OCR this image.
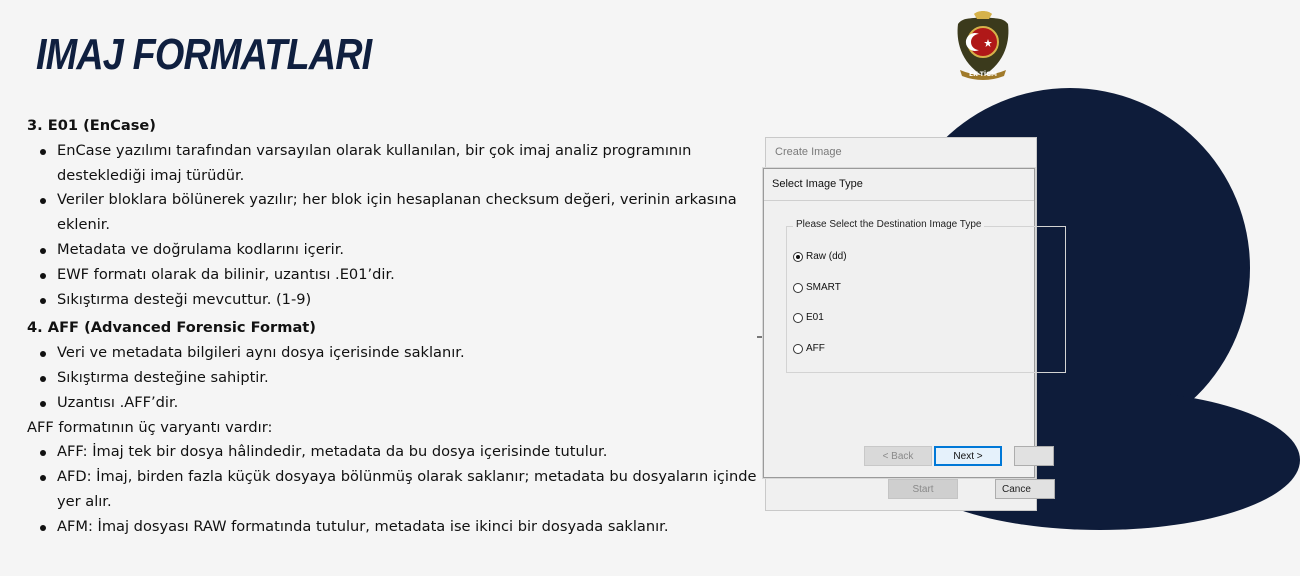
IMAJ FORMATLARI	EK TİGM
3. E01 (EnCase)
EnCase yazılımı tarafından varsayılan olarak kullanılan, bir çok imaj analiz programının desteklediği imaj türüdür.
Veriler bloklara bölünerek yazılır; her blok için hesaplanan checksum değeri, verinin arkasına eklenir.
Metadata ve doğrulama kodlarını içerir.
EWF formatı olarak da bilinir, uzantısı .E01’dir.
Sıkıştırma desteği mevcuttur. (1-9)
4. AFF (Advanced Forensic Format)
Veri ve metadata bilgileri aynı dosya içerisinde saklanır.
Sıkıştırma desteğine sahiptir.
Uzantısı .AFF’dir.
AFF formatının üç varyantı vardır:
AFF: İmaj tek bir dosya hâlindedir, metadata da bu dosya içerisinde tutulur.
AFD: İmaj, birden fazla küçük dosyaya bölünmüş olarak saklanır; metadata bu dosyaların içinde yer alır.
AFM: İmaj dosyası RAW formatında tutulur, metadata ise ikinci bir dosyada saklanır.
Create Image
Start	Cance
Select Image Type
Please Select the Destination Image Type
Raw (dd)
SMART
E01
AFF
< Back	Next >
